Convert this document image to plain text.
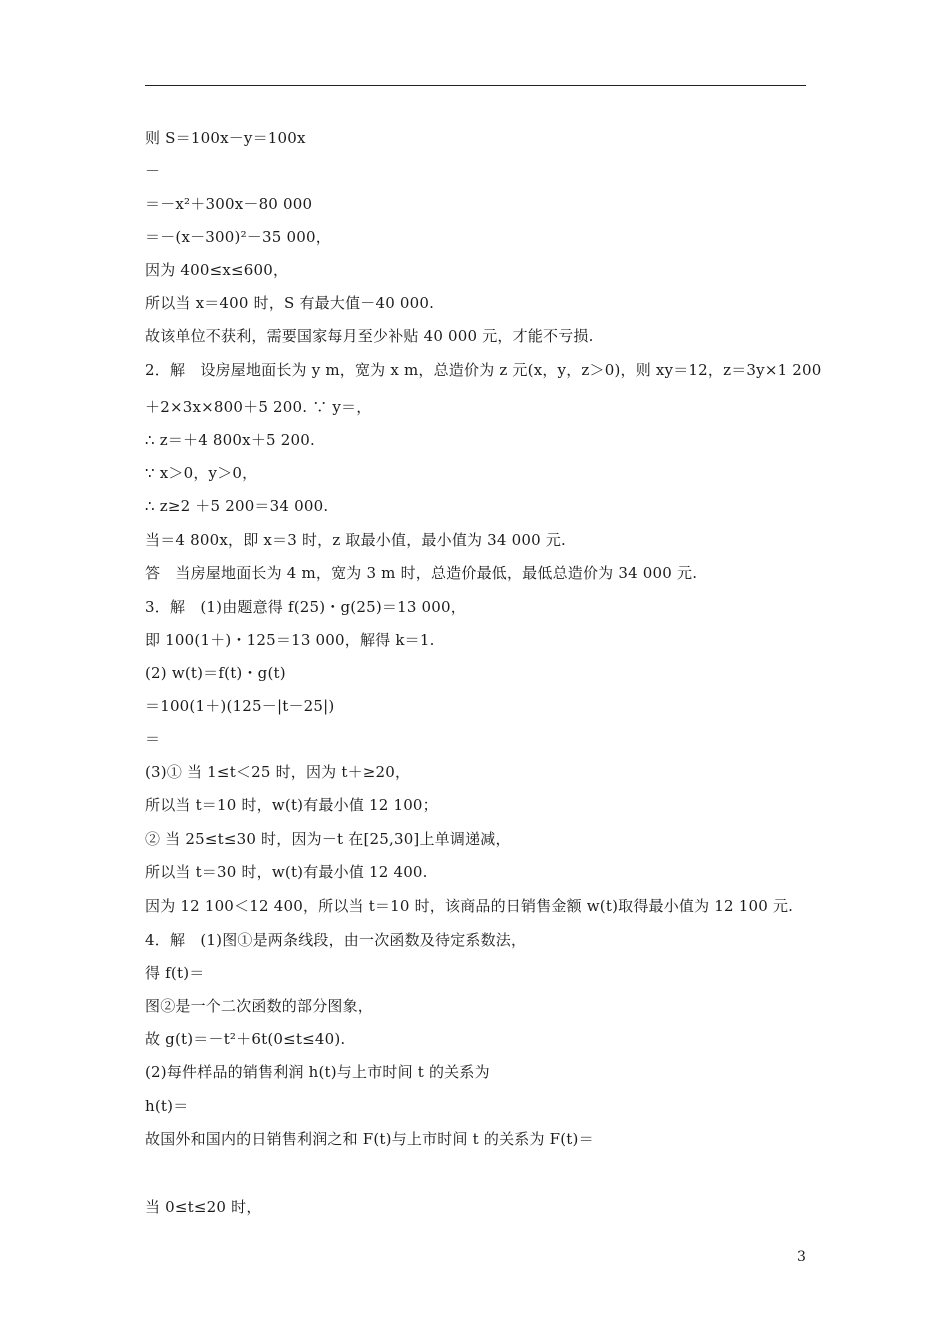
则 S＝100x－y＝100x
－
＝－x²＋300x－80 000
＝－(x－300)²－35 000，
因为 400≤x≤600，
所以当 x＝400 时，S 有最大值－40 000.
故该单位不获利，需要国家每月至少补贴 40 000 元，才能不亏损.
2．解　设房屋地面长为 y m，宽为 x m，总造价为 z 元(x，y，z＞0)，则 xy＝12，z＝3y×1 200
＋2×3x×800＋5 200. ∵ y＝，
∴ z＝＋4 800x＋5 200.
∵ x＞0，y＞0，
∴ z≥2 ＋5 200＝34 000.
当＝4 800x，即 x＝3 时，z 取最小值，最小值为 34 000 元.
答　当房屋地面长为 4 m，宽为 3 m 时，总造价最低，最低总造价为 34 000 元.
3．解　(1)由题意得 f(25)・g(25)＝13 000，
即 100(1＋)・125＝13 000，解得 k＝1.
(2) w(t)＝f(t)・g(t)
＝100(1＋)(125－|t－25|)
＝
(3)① 当 1≤t＜25 时，因为 t＋≥20，
所以当 t＝10 时，w(t)有最小值 12 100；
② 当 25≤t≤30 时，因为－t 在[25,30]上单调递减，
所以当 t＝30 时，w(t)有最小值 12 400.
因为 12 100＜12 400，所以当 t＝10 时，该商品的日销售金额 w(t)取得最小值为 12 100 元.
4．解　(1)图①是两条线段，由一次函数及待定系数法，
得 f(t)＝
图②是一个二次函数的部分图象，
故 g(t)＝－t²＋6t(0≤t≤40).
(2)每件样品的销售利润 h(t)与上市时间 t 的关系为
h(t)＝
故国外和国内的日销售利润之和 F(t)与上市时间 t 的关系为 F(t)＝
当 0≤t≤20 时，
3
